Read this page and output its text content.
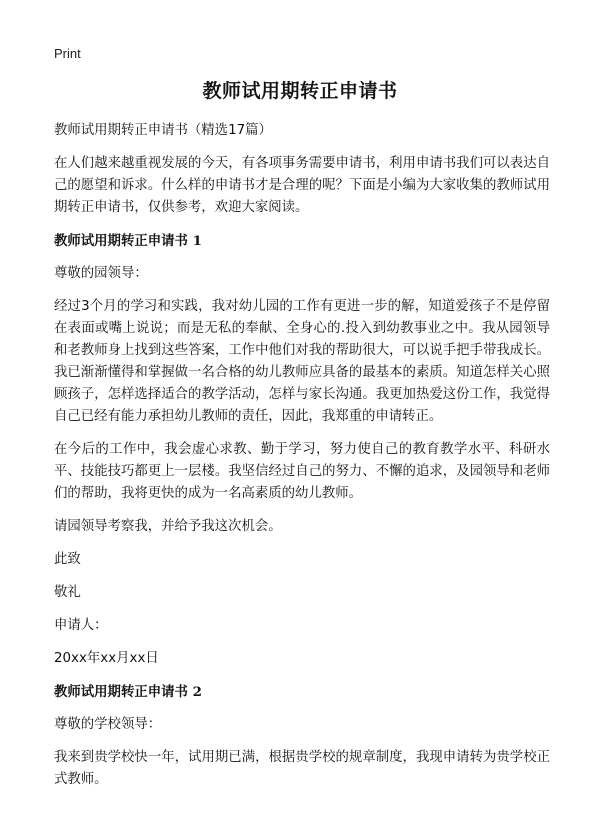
Print
教师试用期转正申请书

教师试用期转正申请书（精选17篇）

在人们越来越重视发展的今天，有各项事务需要申请书，利用申请书我们可以表达自己的愿望和诉求。什么样的申请书才是合理的呢？下面是小编为大家收集的教师试用期转正申请书，仅供参考，欢迎大家阅读。

教师试用期转正申请书 1

尊敬的园领导：

经过3个月的学习和实践，我对幼儿园的工作有更进一步的解，知道爱孩子不是停留在表面或嘴上说说；而是无私的奉献、全身心的.投入到幼教事业之中。我从园领导和老教师身上找到这些答案，工作中他们对我的帮助很大，可以说手把手带我成长。我已渐渐懂得和掌握做一名合格的幼儿教师应具备的最基本的素质。知道怎样关心照顾孩子，怎样选择适合的教学活动，怎样与家长沟通。我更加热爱这份工作，我觉得自己已经有能力承担幼儿教师的责任，因此，我郑重的申请转正。

在今后的工作中，我会虚心求教、勤于学习，努力使自己的教育教学水平、科研水平、技能技巧都更上一层楼。我坚信经过自己的努力、不懈的追求，及园领导和老师们的帮助，我将更快的成为一名高素质的幼儿教师。

请园领导考察我，并给予我这次机会。

此致

敬礼

申请人：

20xx年xx月xx日

教师试用期转正申请书 2

尊敬的学校领导：

我来到贵学校快一年，试用期已满，根据贵学校的规章制度，我现申请转为贵学校正式教师。
